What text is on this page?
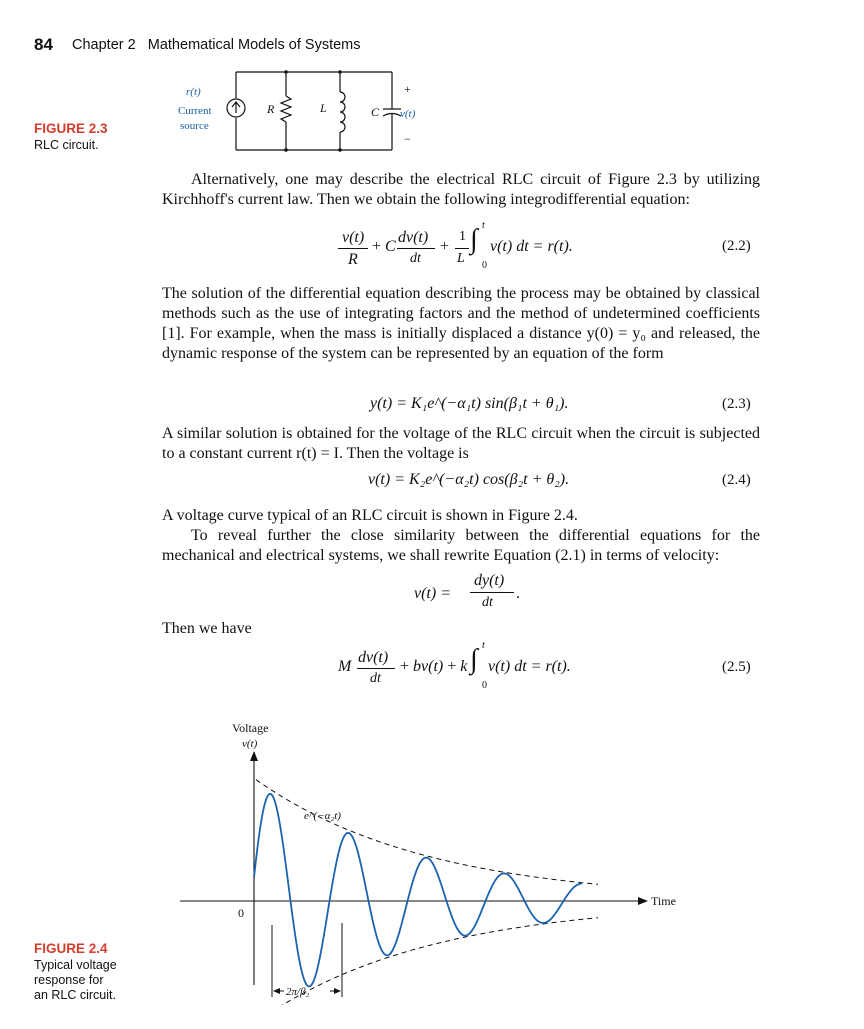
84 Chapter 2   Mathematical Models of Systems
FIGURE 2.3
RLC circuit.
r(t)
Current
source
R	L	C
+
−
v(t)
Alternatively, one may describe the electrical RLC circuit of Figure 2.3 by utilizing Kirchhoff's current law. Then we obtain the following integrodifferential equation:
v(t)
R
+ C
dv(t)
dt
+
1
L
∫ t
0
v(t) dt = r(t).	(2.2)
The solution of the differential equation describing the process may be obtained by classical methods such as the use of integrating factors and the method of undetermined coefficients [1]. For example, when the mass is initially displaced a distance y(0) = y₀ and released, the dynamic response of the system can be represented by an equation of the form
y(t) = K₁e^(−α₁t) sin(β₁t + θ₁).	(2.3)
A similar solution is obtained for the voltage of the RLC circuit when the circuit is subjected to a constant current r(t) = I. Then the voltage is
v(t) = K₂e^(−α₂t) cos(β₂t + θ₂).	(2.4)
A voltage curve typical of an RLC circuit is shown in Figure 2.4.
To reveal further the close similarity between the differential equations for the mechanical and electrical systems, we shall rewrite Equation (2.1) in terms of velocity:
v(t) =
dy(t)
dt
.
Then we have
M
dv(t)
dt
+ bv(t) + k ∫ t
0
v(t) dt = r(t).	(2.5)
FIGURE 2.4
Typical voltage
response for
an RLC circuit.
Voltage
v(t)
Time
0
e^(−α₂t)
2π/β₂
